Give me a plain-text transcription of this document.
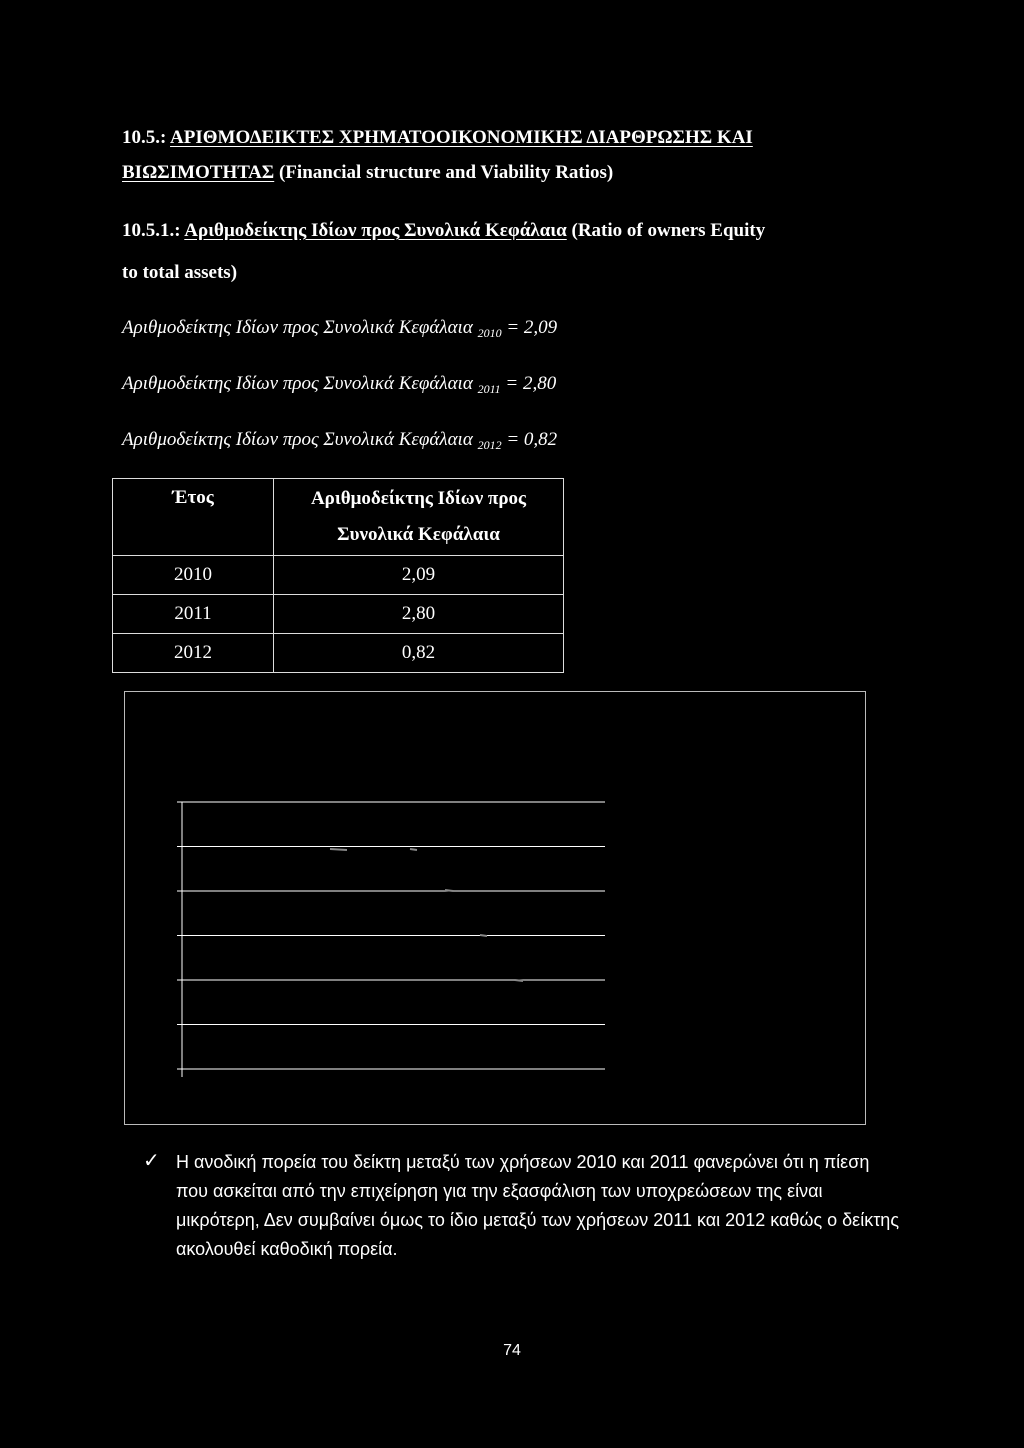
10.5.: ΑΡΙΘΜΟΔΕΙΚΤΕΣ ΧΡΗΜΑΤΟΟΙΚΟΝΟΜΙΚΗΣ ΔΙΑΡΘΡΩΣΗΣ ΚΑΙ
ΒΙΩΣΙΜΟΤΗΤΑΣ (Financial structure and Viability Ratios)
10.5.1.: Αριθμοδείκτης Ιδίων προς Συνολικά Κεφάλαια (Ratio of owners Equity
to total assets)
Αριθμοδείκτης Ιδίων προς Συνολικά Κεφάλαια $_{2010}$ = 2,09
Αριθμοδείκτης Ιδίων προς Συνολικά Κεφάλαια $_{2011}$ = 2,80
Αριθμοδείκτης Ιδίων προς Συνολικά Κεφάλαια $_{2012}$ = 0,82
Έτος	Αριθμοδείκτης Ιδίων προς
Συνολικά Κεφάλαια

2010	2,09
2011	2,80
2012	0,82
✓ Η ανοδική πορεία του δείκτη μεταξύ των χρήσεων 2010 και 2011 φανερώνει ότι η πίεση που ασκείται από την επιχείρηση για την εξασφάλιση των υποχρεώσεων της είναι μικρότερη, Δεν συμβαίνει όμως το ίδιο μεταξύ των χρήσεων 2011 και 2012 καθώς ο δείκτης ακολουθεί καθοδική πορεία.
74
